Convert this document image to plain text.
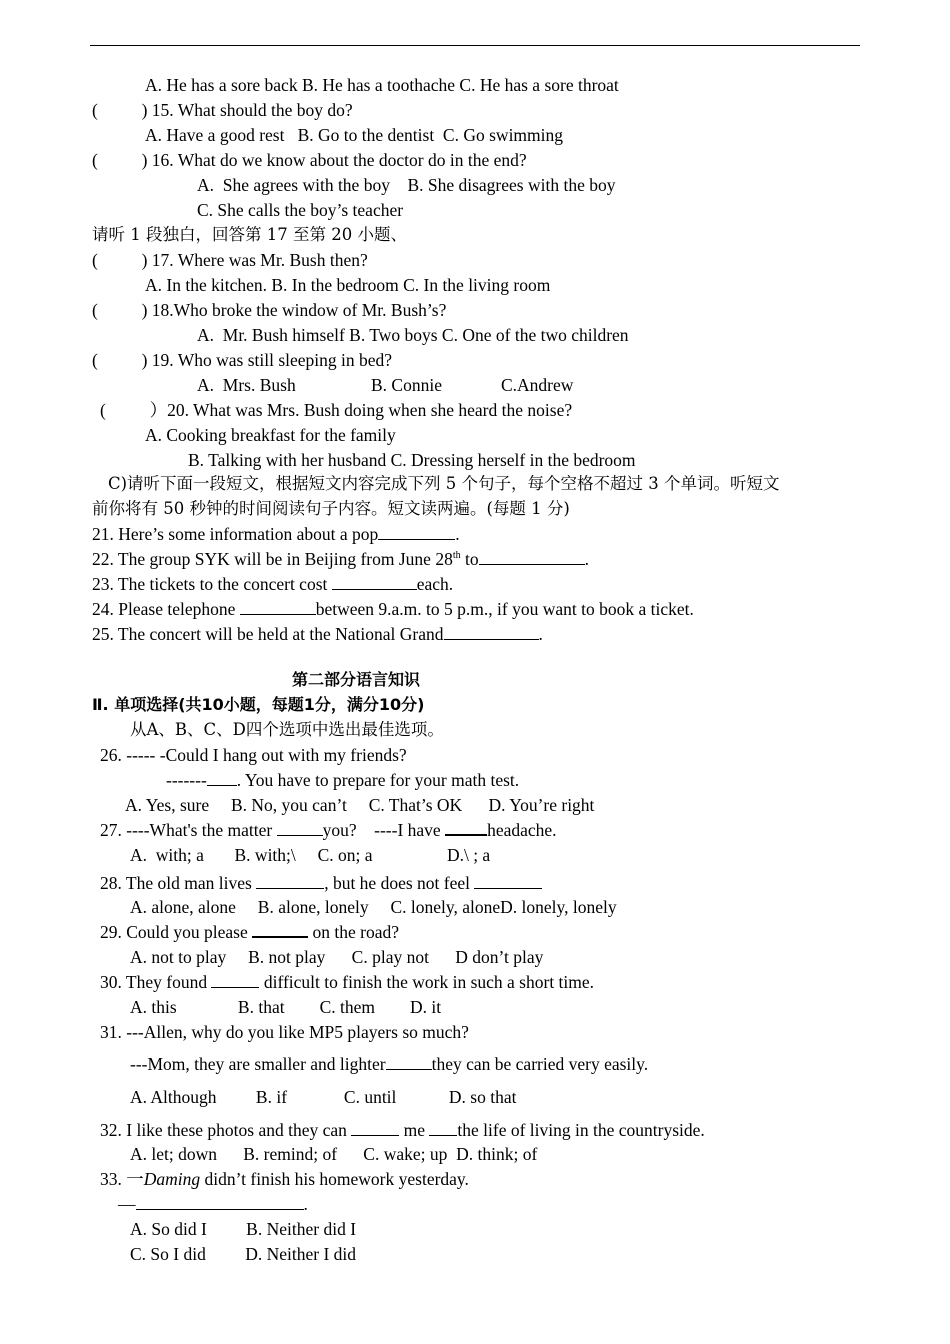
A. He has a sore back B. He has a toothache C. He has a sore throat
(          ) 15. What should the boy do?
A. Have a good rest   B. Go to the dentist  C. Go swimming
(          ) 16. What do we know about the doctor do in the end?
A.  She agrees with the boy    B. She disagrees with the boy
C. She calls the boy’s teacher
请听 1 段独白，回答第 17 至第 20 小题、
(          ) 17. Where was Mr. Bush then?
A. In the kitchen. B. In the bedroom C. In the living room
(          ) 18.Who broke the window of Mr. Bush’s?
A.  Mr. Bush himself B. Two boys C. One of the two children
(          ) 19. Who was still sleeping in bed?
A.  Mrs. Bush	B. Connie	C.Andrew
(          ）20. What was Mrs. Bush doing when she heard the noise?
A. Cooking breakfast for the family
B. Talking with her husband C. Dressing herself in the bedroom
C)请听下面一段短文，根据短文内容完成下列 5 个句子，每个空格不超过 3 个单词。听短文
前你将有 50 秒钟的时间阅读句子内容。短文读两遍。(每题 1 分)
21. Here’s some information about a pop	.
22. The group SYK will be in Beijing from June 28th to	.
23. The tickets to the concert cost	each.
24. Please telephone	between 9.a.m. to 5 p.m., if you want to book a ticket.
25. The concert will be held at the National Grand	.
第二部分语言知识
Ⅱ. 单项选择(共10小题，每题1分，满分10分)
从A、B、C、D四个选项中选出最佳选项。
26. ----- -Could I hang out with my friends?
------- . You have to prepare for your math test.
A. Yes, sure     B. No, you can’t     C. That’s OK      D. You’re right
27. ----What's the matter	you?    ----I have headache.
A.  with; a       B. with;\     C. on; a                 D.\ ; a
28. The old man lives	, but he does not feel
A. alone, alone     B. alone, lonely     C. lonely, aloneD. lonely, lonely
29. Could you please	on the road?
A. not to play     B. not play      C. play not      D don’t play
30. They found	difficult to finish the work in such a short time.
A. this              B. that        C. them        D. it
31. ---Allen, why do you like MP5 players so much?
---Mom, they are smaller and lighter	they can be carried very easily.
A. Although         B. if             C. until            D. so that
32. I like these photos and they can	me the life of living in the countryside.
A. let; down      B. remind; of      C. wake; up  D. think; of
33. 一Daming didn’t finish his homework yesterday.
—	.
A. So did I         B. Neither did I
C. So I did         D. Neither I did
